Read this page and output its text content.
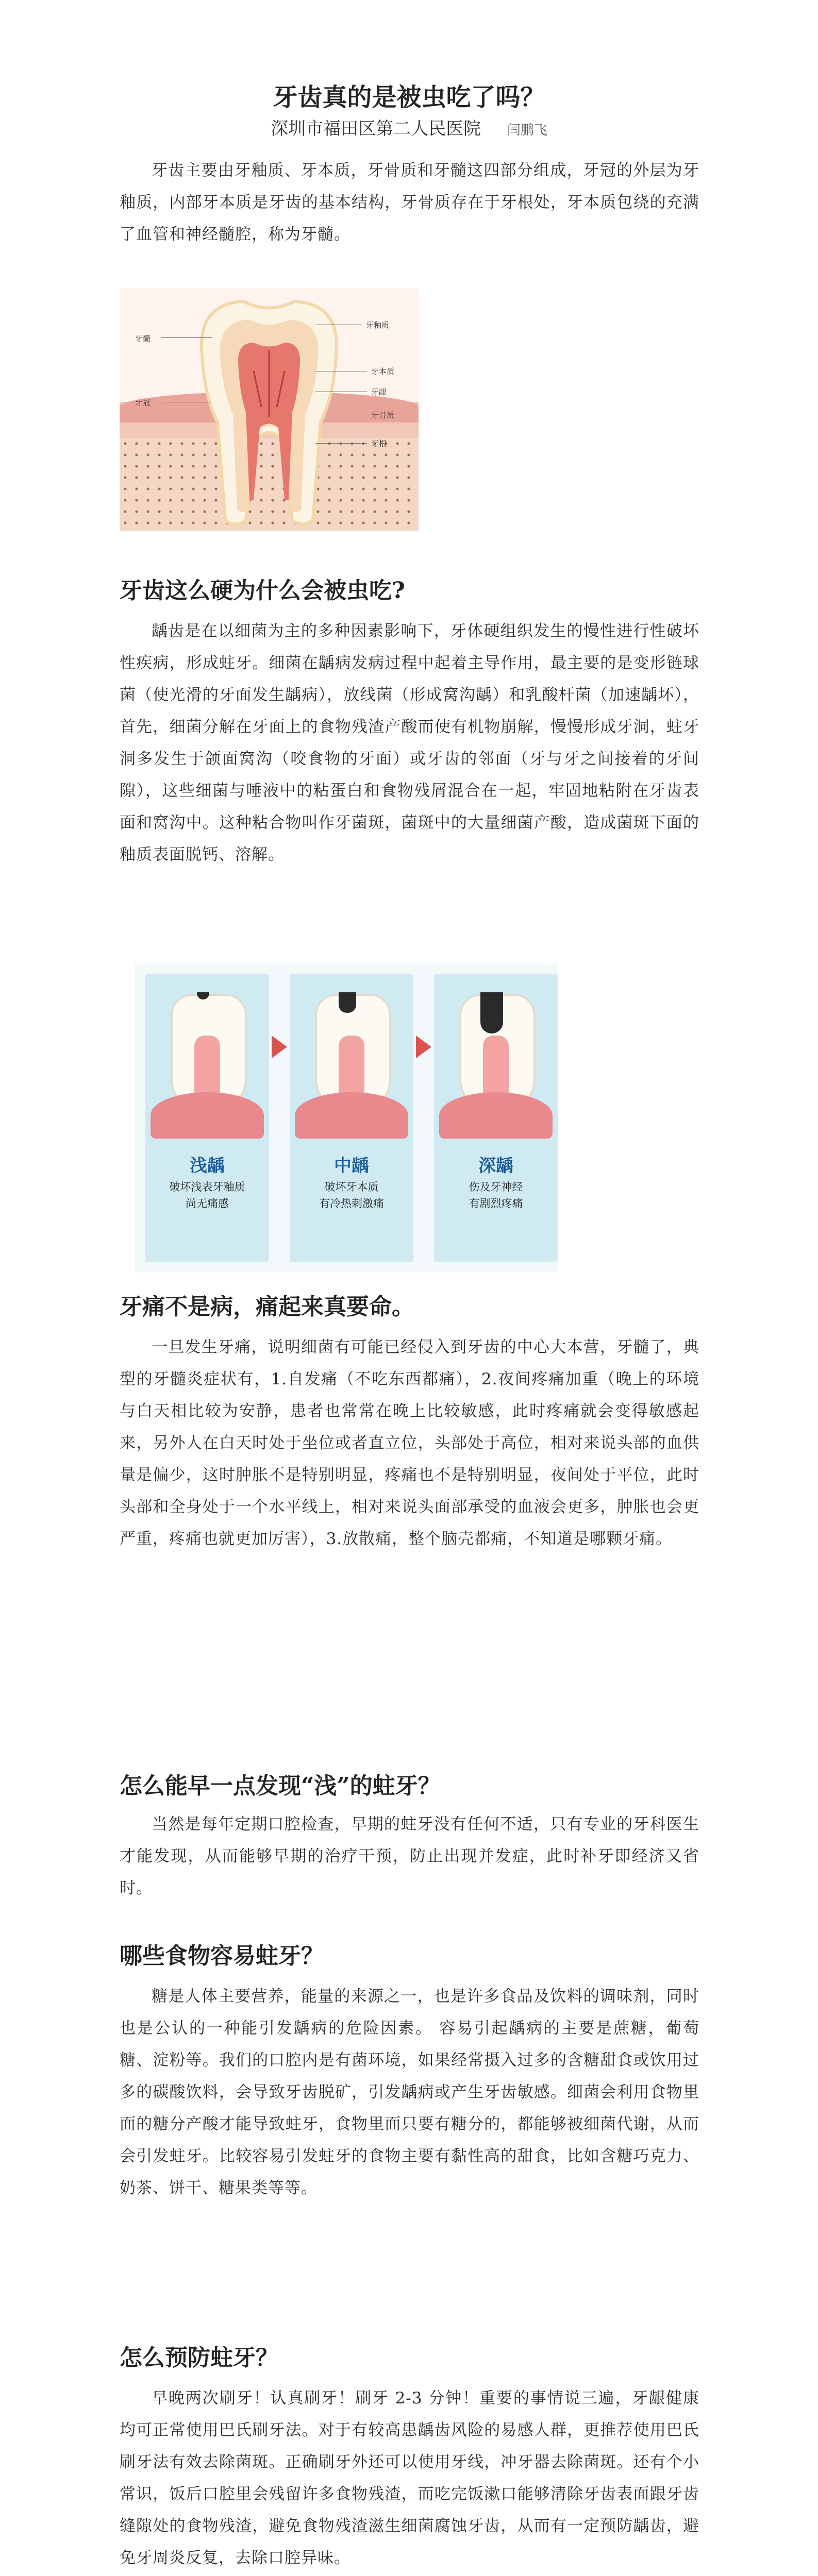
牙齿真的是被虫吃了吗？
深圳市福田区第二人民医院 闫鹏飞

牙齿主要由牙釉质、牙本质，牙骨质和牙髓这四部分组成，牙冠的外层为牙釉质，内部牙本质是牙齿的基本结构，牙骨质存在于牙根处，牙本质包绕的充满了血管和神经髓腔，称为牙髓。

牙釉质
牙髓
牙本质
牙龈
牙骨质
牙根
牙冠
牙齿这么硬为什么会被虫吃?

龋齿是在以细菌为主的多种因素影响下，牙体硬组织发生的慢性进行性破坏性疾病，形成蛀牙。细菌在龋病发病过程中起着主导作用，最主要的是变形链球菌（使光滑的牙面发生龋病），放线菌（形成窝沟龋）和乳酸杆菌（加速龋坏），首先，细菌分解在牙面上的食物残渣产酸而使有机物崩解，慢慢形成牙洞，蛀牙洞多发生于颌面窝沟（咬食物的牙面）或牙齿的邻面（牙与牙之间接着的牙间隙），这些细菌与唾液中的粘蛋白和食物残屑混合在一起，牢固地粘附在牙齿表面和窝沟中。这种粘合物叫作牙菌斑，菌斑中的大量细菌产酸，造成菌斑下面的釉质表面脱钙、溶解。

浅龋
破坏浅表牙釉质
尚无痛感
中龋
破坏牙本质
有冷热刺激痛
深龋
伤及牙神经
有剧烈疼痛
牙痛不是病，痛起来真要命。

一旦发生牙痛，说明细菌有可能已经侵入到牙齿的中心大本营，牙髓了，典型的牙髓炎症状有，1.自发痛（不吃东西都痛），2.夜间疼痛加重（晚上的环境与白天相比较为安静，患者也常常在晚上比较敏感，此时疼痛就会变得敏感起来，另外人在白天时处于坐位或者直立位，头部处于高位，相对来说头部的血供量是偏少，这时肿胀不是特别明显，疼痛也不是特别明显，夜间处于平位，此时头部和全身处于一个水平线上，相对来说头面部承受的血液会更多，肿胀也会更严重，疼痛也就更加厉害），3.放散痛，整个脑壳都痛，不知道是哪颗牙痛。

怎么能早一点发现“浅”的蛀牙？

当然是每年定期口腔检查，早期的蛀牙没有任何不适，只有专业的牙科医生才能发现，从而能够早期的治疗干预，防止出现并发症，此时补牙即经济又省时。

哪些食物容易蛀牙？

糖是人体主要营养，能量的来源之一，也是许多食品及饮料的调味剂，同时也是公认的一种能引发龋病的危险因素。 容易引起龋病的主要是蔗糖，葡萄糖、淀粉等。我们的口腔内是有菌环境，如果经常摄入过多的含糖甜食或饮用过多的碳酸饮料，会导致牙齿脱矿，引发龋病或产生牙齿敏感。细菌会利用食物里面的糖分产酸才能导致蛀牙，食物里面只要有糖分的，都能够被细菌代谢，从而会引发蛀牙。比较容易引发蛀牙的食物主要有黏性高的甜食，比如含糖巧克力、奶茶、饼干、糖果类等等。

怎么预防蛀牙？

早晚两次刷牙！认真刷牙！刷牙 2-3 分钟！重要的事情说三遍，牙龈健康均可正常使用巴氏刷牙法。对于有较高患龋齿风险的易感人群，更推荐使用巴氏刷牙法有效去除菌斑。正确刷牙外还可以使用牙线，冲牙器去除菌斑。还有个小常识，饭后口腔里会残留许多食物残渣，而吃完饭漱口能够清除牙齿表面跟牙齿缝隙处的食物残渣，避免食物残渣滋生细菌腐蚀牙齿，从而有一定预防龋齿，避免牙周炎反复，去除口腔异味。
